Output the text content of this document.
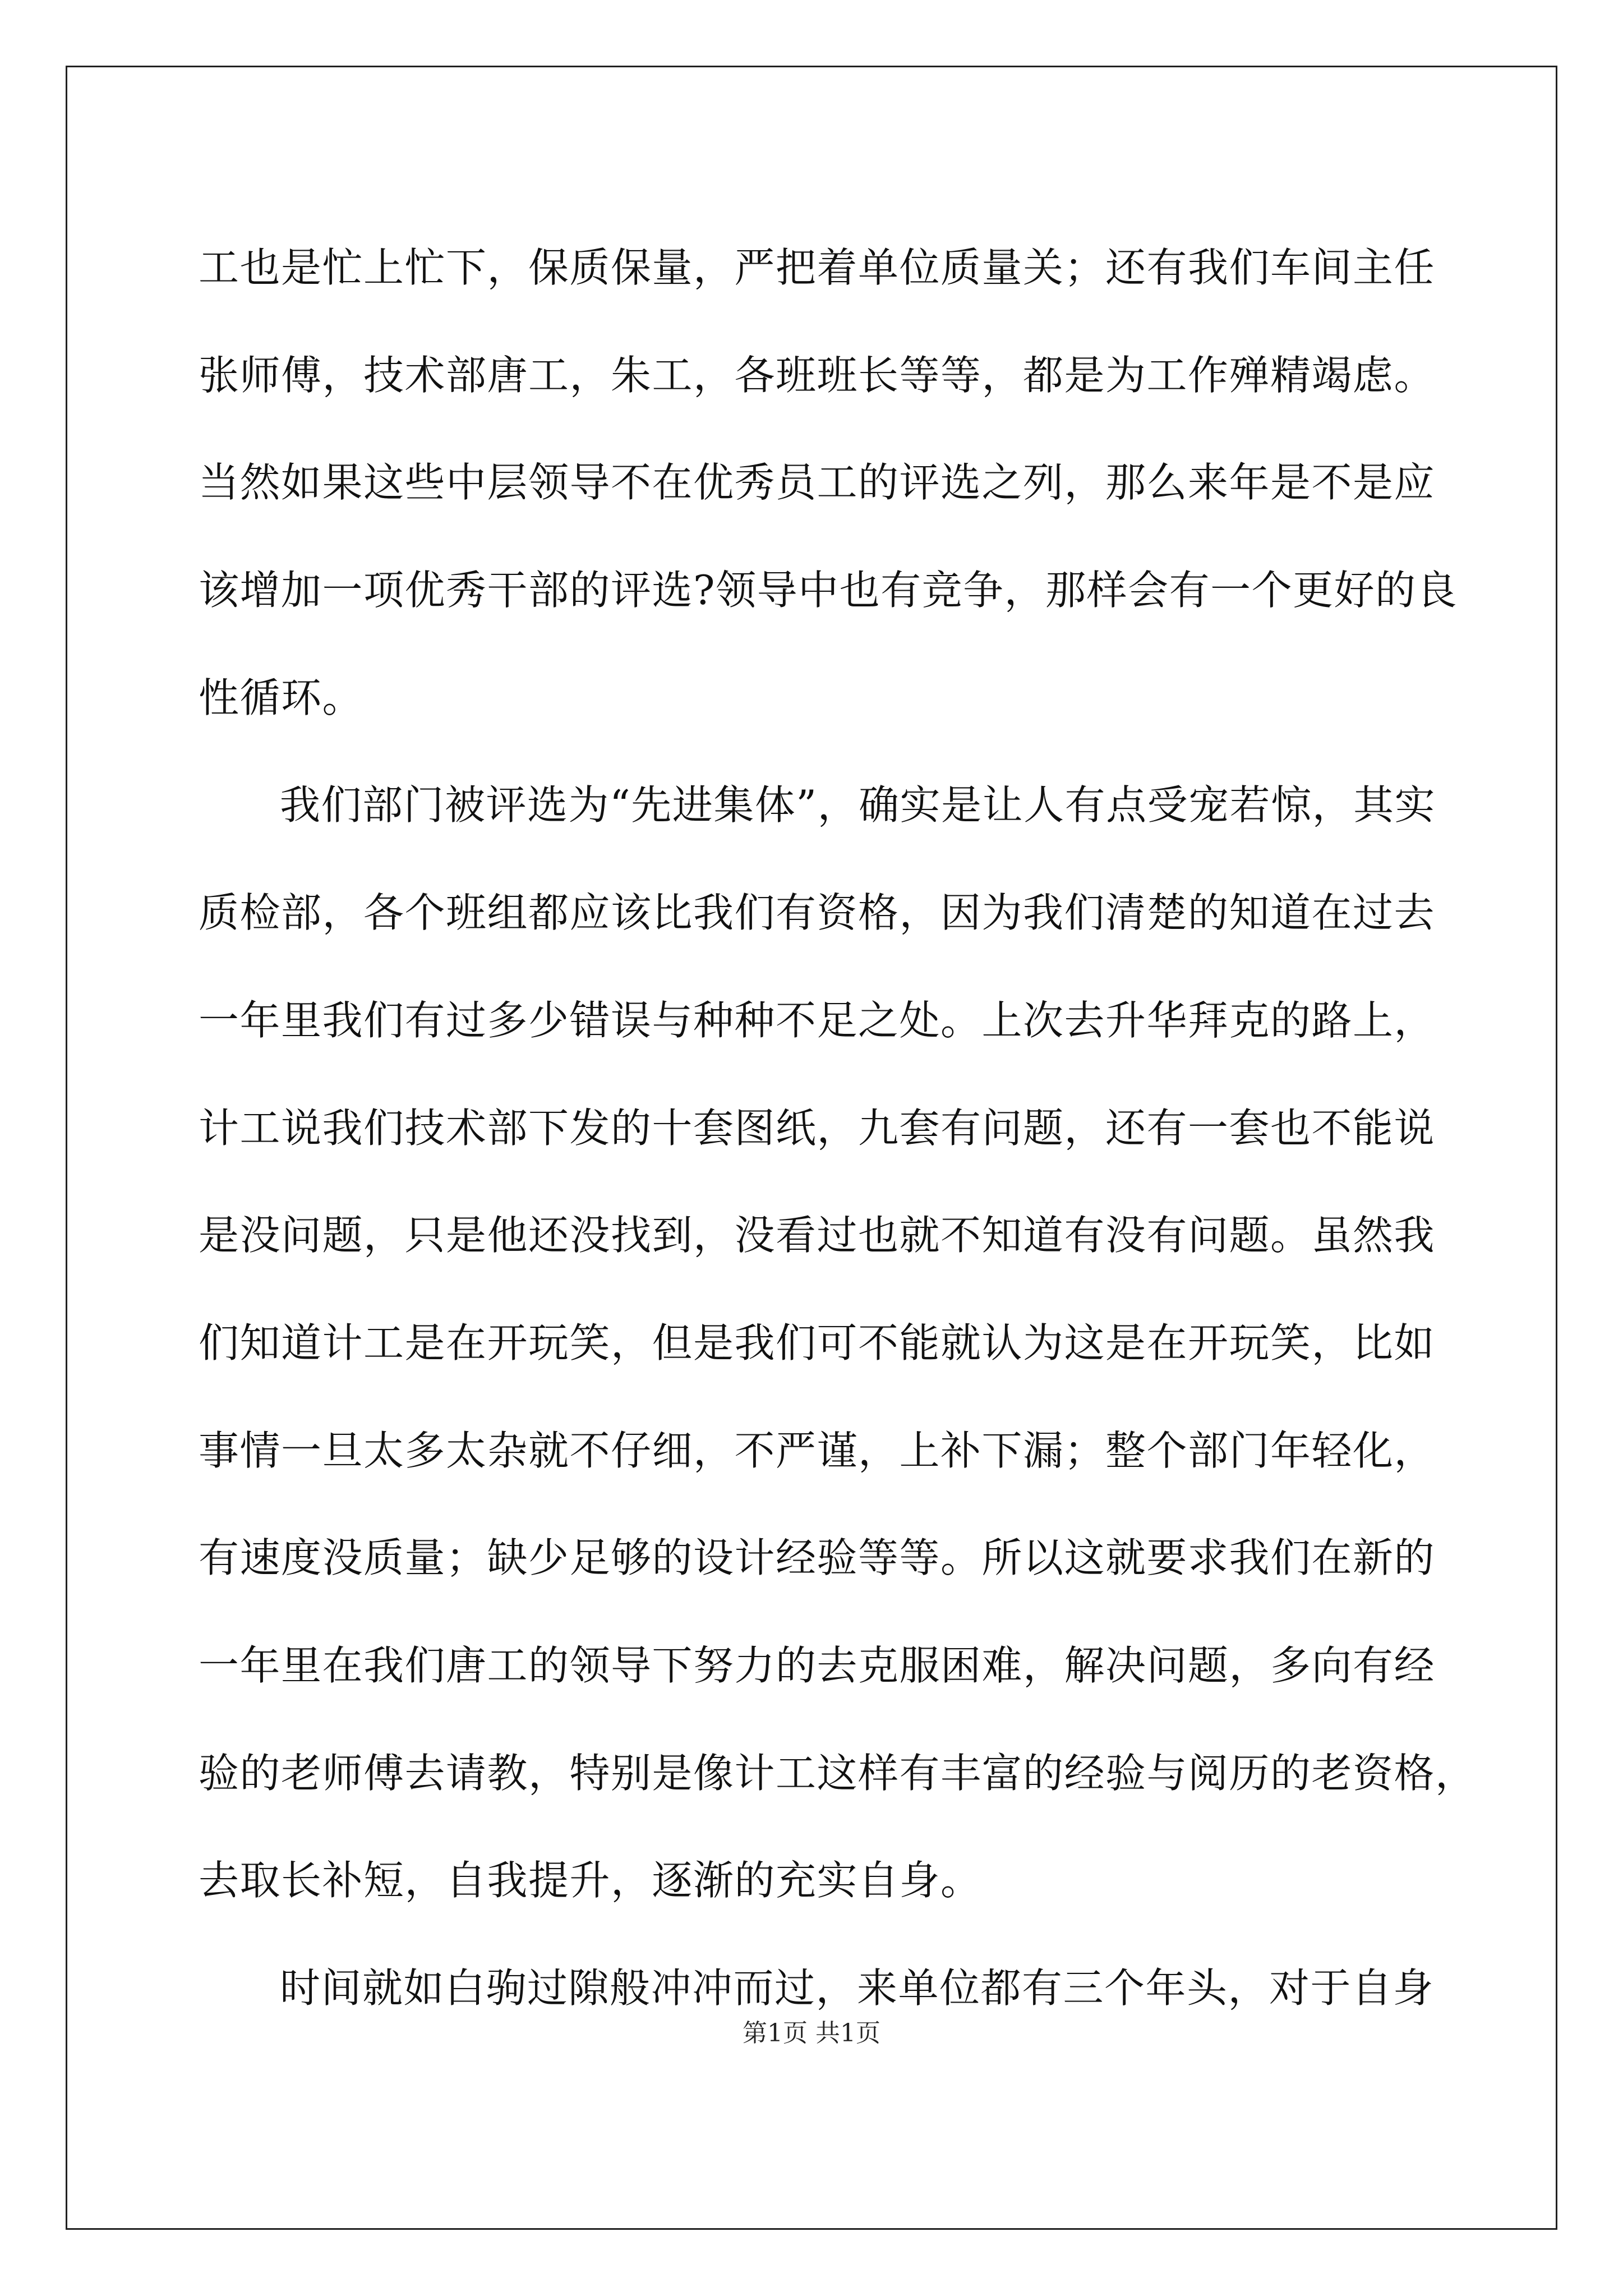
工也是忙上忙下，保质保量，严把着单位质量关；还有我们车间主任
张师傅，技术部唐工，朱工，各班班长等等，都是为工作殚精竭虑。
当然如果这些中层领导不在优秀员工的评选之列，那么来年是不是应
该增加一项优秀干部的评选?领导中也有竞争，那样会有一个更好的良
性循环。
我们部门被评选为“先进集体”，确实是让人有点受宠若惊，其实
质检部，各个班组都应该比我们有资格，因为我们清楚的知道在过去
一年里我们有过多少错误与种种不足之处。上次去升华拜克的路上，
计工说我们技术部下发的十套图纸，九套有问题，还有一套也不能说
是没问题，只是他还没找到，没看过也就不知道有没有问题。虽然我
们知道计工是在开玩笑，但是我们可不能就认为这是在开玩笑，比如
事情一旦太多太杂就不仔细，不严谨，上补下漏；整个部门年轻化，
有速度没质量；缺少足够的设计经验等等。所以这就要求我们在新的
一年里在我们唐工的领导下努力的去克服困难，解决问题，多向有经
验的老师傅去请教，特别是像计工这样有丰富的经验与阅历的老资格，
去取长补短，自我提升，逐渐的充实自身。
时间就如白驹过隙般冲冲而过，来单位都有三个年头，对于自身
第1页 共1页
